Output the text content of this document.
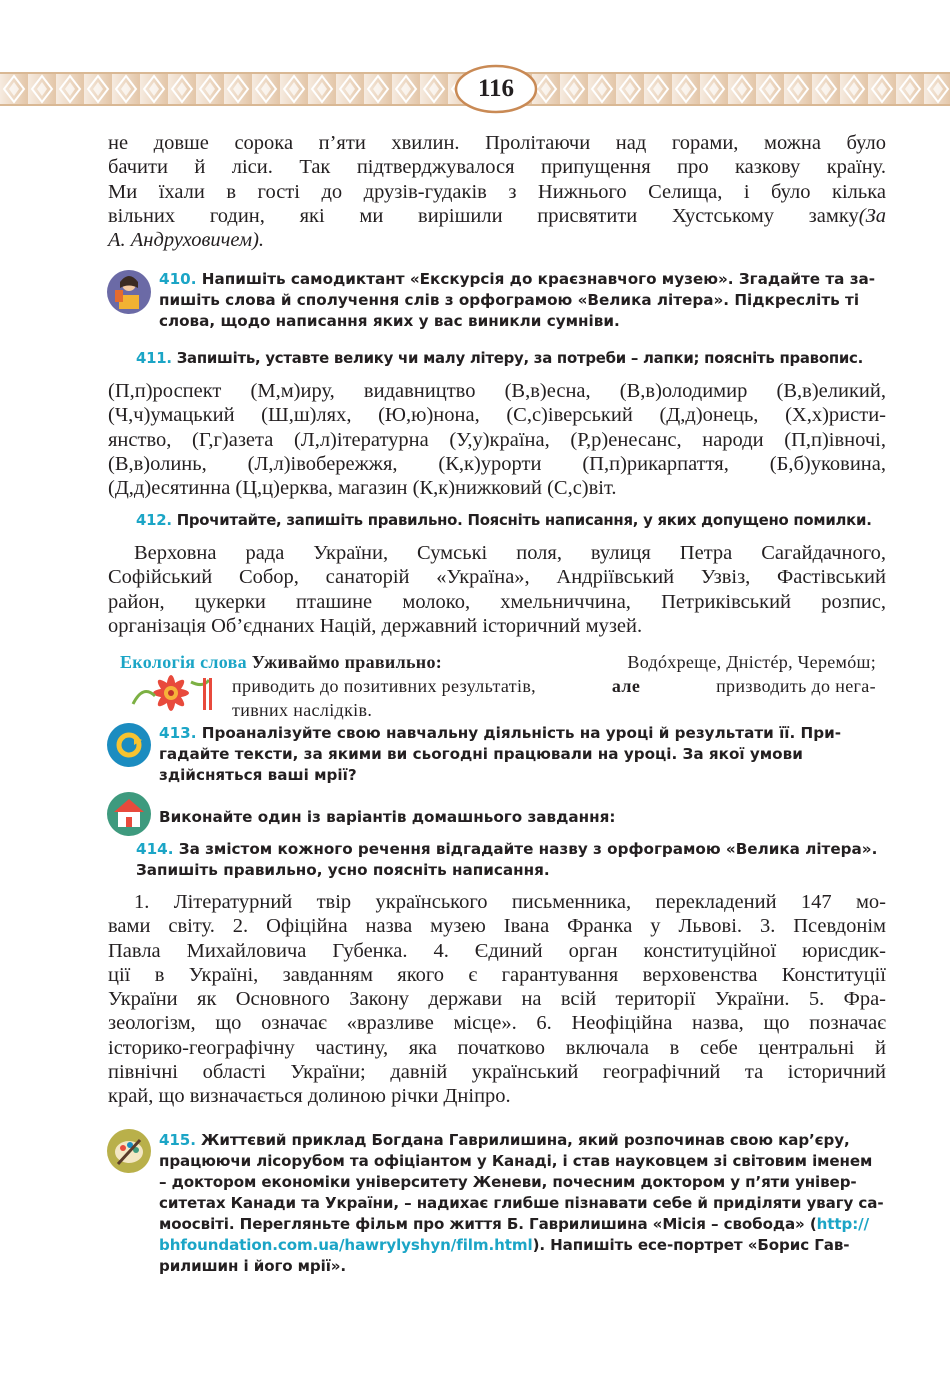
116
не довше сорока п’яти хвилин. Пролітаючи над горами, можна було
бачити й ліси. Так підтверджувалося припущення про казкову країну.
Ми їхали в гості до друзів-гудаків з Нижнього Селища, і було кілька
вільних годин, які ми вирішили присвятити Хустському замку(За
А. Андруховичем).
410. Напишіть самодиктант «Екскурсія до краєзнавчого музею». Згадайте та за-
пишіть слова й сполучення слів з орфограмою «Велика літера». Підкресліть ті
слова, щодо написання яких у вас виникли сумніви.
411. Запишіть, уставте велику чи малу літеру, за потреби – лапки; поясніть правопис.
(П,п)роспект (М,м)иру, видавництво (В,в)есна, (В,в)олодимир (В,в)еликий,
(Ч,ч)умацький (Ш,ш)лях, (Ю,ю)нона, (С,с)іверський (Д,д)онець, (Х,х)ристи-
янство, (Г,г)азета (Л,л)ітературна (У,у)країна, (Р,р)енесанс, народи (П,п)івночі,
(В,в)олинь, (Л,л)івобережжя, (К,к)урорти (П,п)рикарпаття, (Б,б)уковина,
(Д,д)есятинна (Ц,ц)ерква, магазин (К,к)нижковий (С,с)віт.
412. Прочитайте, запишіть правильно. Поясніть написання, у яких допущено помилки.
Верховна рада України, Сумські поля, вулиця Петра Сагайдачного,
Софійський Собор, санаторій «Україна», Андріївський Узвіз, Фастівський
район, цукерки пташине молоко, хмельниччина, Петриківський розпис,
організація Об’єднаних Націй, державний історичний музей.
Екологія слова Уживаймо правильно:	Водóхреще, Дністéр, Черемóш;
приводить до позитивних результатів,	але	призводить до нега-
тивних наслідків.
413. Проаналізуйте свою навчальну діяльність на уроці й результати її. При-
гадайте тексти, за якими ви сьогодні працювали на уроці. За якої умови
здійсняться ваші мрії?
Виконайте один із варіантів домашнього завдання:
414. За змістом кожного речення відгадайте назву з орфограмою «Велика літера».
Запишіть правильно, усно поясніть написання.
1. Літературний твір українського письменника, перекладений 147 мо-
вами світу. 2. Офіційна назва музею Івана Франка у Львові. 3. Псевдонім
Павла Михайловича Губенка. 4. Єдиний орган конституційної юрисдик-
ції в Україні, завданням якого є гарантування верховенства Конституції
України як Основного Закону держави на всій території України. 5. Фра-
зеологізм, що означає «вразливе місце». 6. Неофіційна назва, що позначає
історико-географічну частину, яка початково включала в себе центральні й
північні області України; давній український географічний та історичний
край, що визначається долиною річки Дніпро.
415. Життєвий приклад Богдана Гаврилишина, який розпочинав свою кар’єру,
працюючи лісорубом та офіціантом у Канаді, і став науковцем зі світовим іменем
– доктором економіки університету Женеви, почесним доктором у п’яти універ-
ситетах Канади та України, – надихає глибше пізнавати себе й приділяти увагу са-
моосвіті. Перегляньте фільм про життя Б. Гаврилишина «Місія – свобода» (http://
bhfoundation.com.ua/hawrylyshyn/film.html). Напишіть есе-портрет «Борис Гав-
рилишин і його мрії».
